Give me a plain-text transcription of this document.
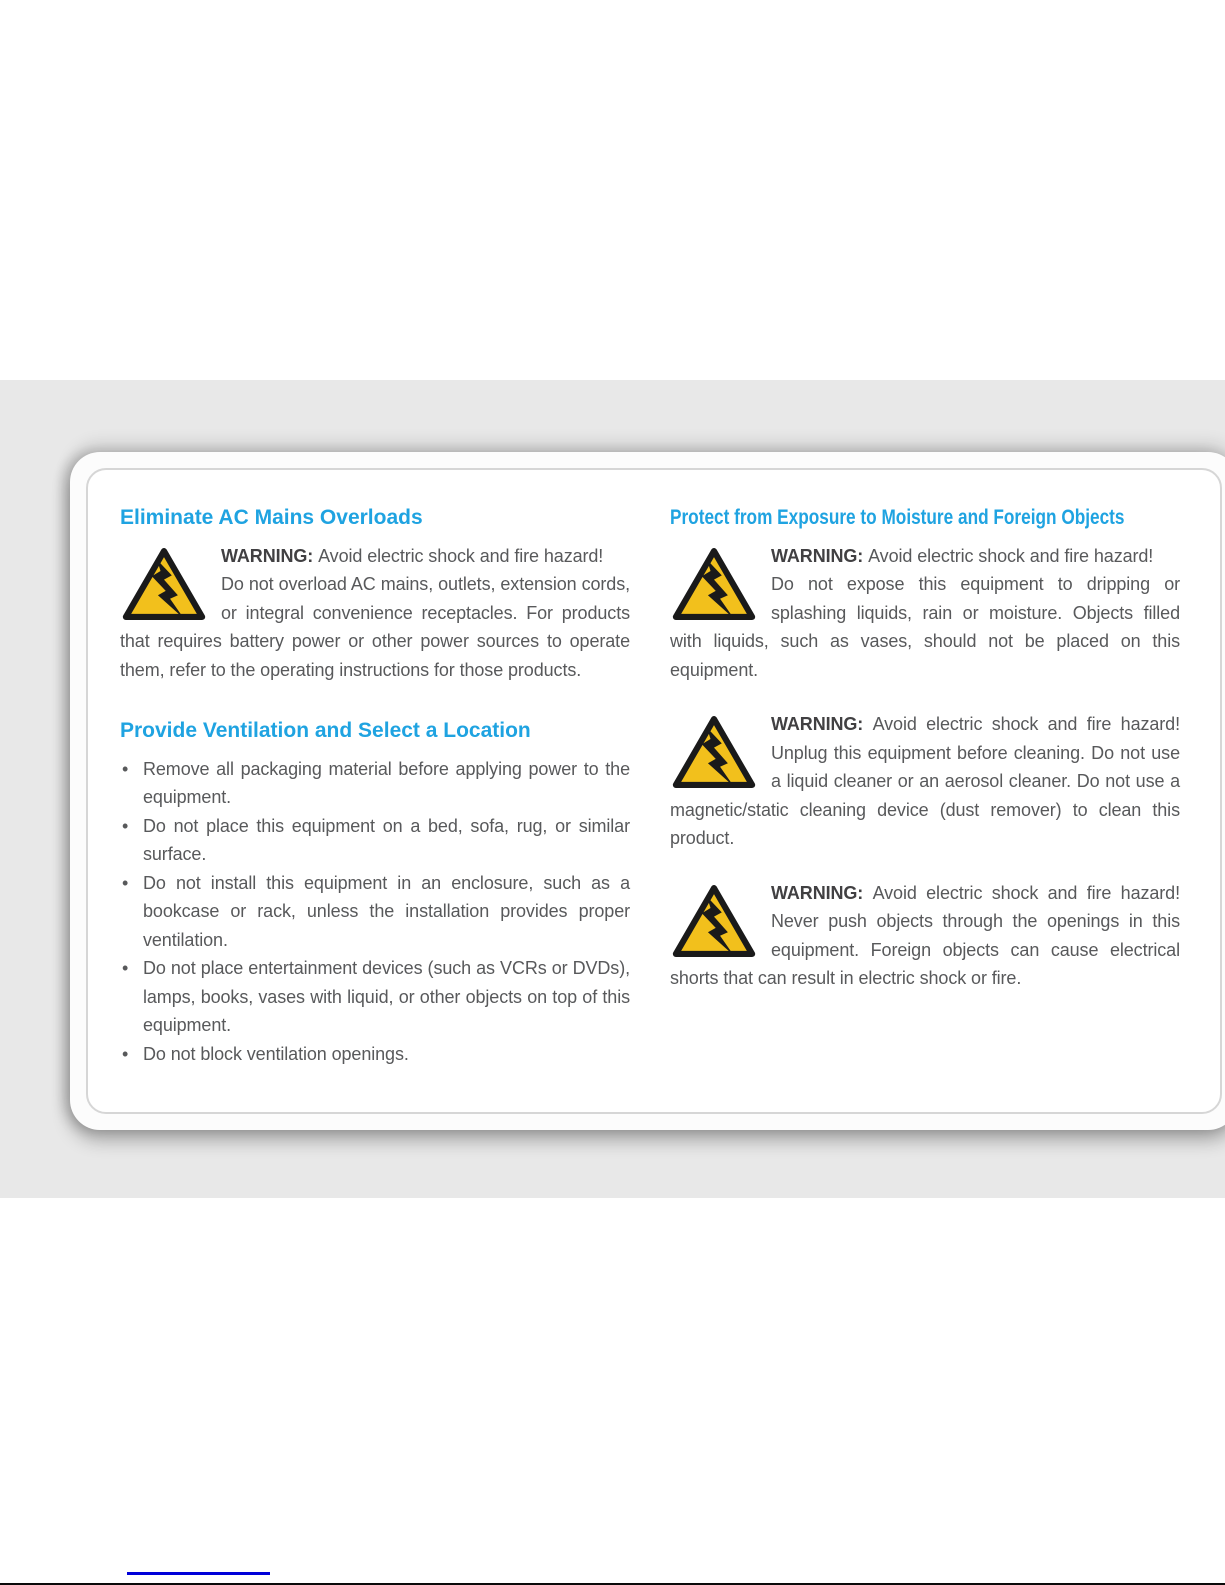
Eliminate AC Mains Overloads

WARNING: Avoid electric shock and fire hazard!
Do not overload AC mains, outlets, extension cords, or integral convenience receptacles. For products that requires battery power or other power sources to operate them, refer to the operating instructions for those products.

Provide Ventilation and Select a Location
• Remove all packaging material before applying power to the equipment.
• Do not place this equipment on a bed, sofa, rug, or similar surface.
• Do not install this equipment in an enclosure, such as a bookcase or rack, unless the installation provides proper ventilation.
• Do not place entertainment devices (such as VCRs or DVDs), lamps, books, vases with liquid, or other objects on top of this equipment.
• Do not block ventilation openings.
Protect from Exposure to Moisture and Foreign Objects

WARNING: Avoid electric shock and fire hazard!
Do not expose this equipment to dripping or splashing liquids, rain or moisture. Objects filled with liquids, such as vases, should not be placed on this equipment.

WARNING: Avoid electric shock and fire hazard! Unplug this equipment before cleaning. Do not use a liquid cleaner or an aerosol cleaner. Do not use a magnetic/static cleaning device (dust remover) to clean this product.

WARNING: Avoid electric shock and fire hazard! Never push objects through the openings in this equipment. Foreign objects can cause electrical shorts that can result in electric shock or fire.
